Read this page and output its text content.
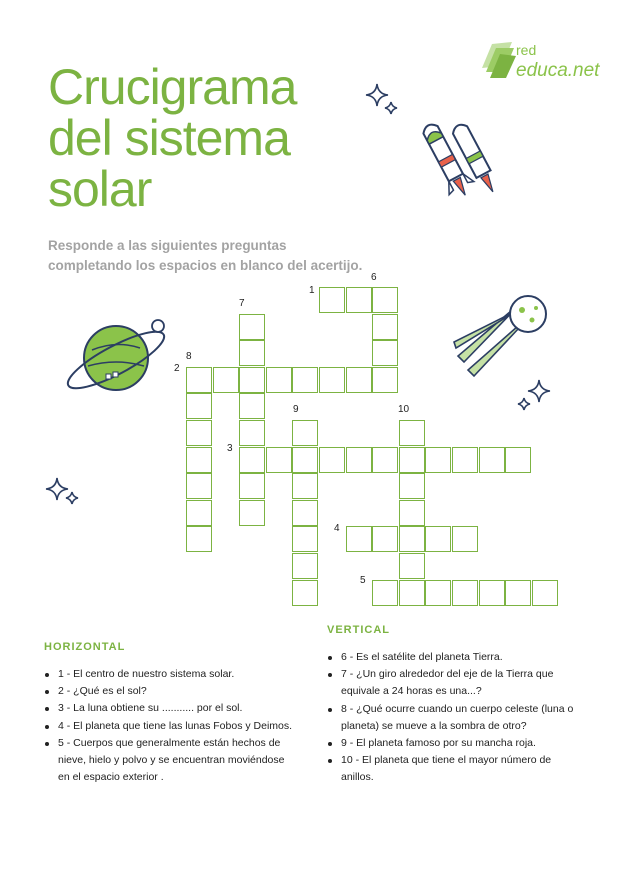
Crucigrama
del sistema
solar
Responde a las siguientes preguntas
completando los espacios en blanco del acertijo.
red
educa.net
1
6
7
8
2
9	10
3
4
5
HORIZONTAL
1 - El centro de nuestro sistema solar.
2 - ¿Qué es el sol?
3 - La luna obtiene su ........... por el sol.
4 - El planeta que tiene las lunas Fobos y Deimos.
5 - Cuerpos que generalmente están hechos de
nieve, hielo y polvo y se encuentran moviéndose
en el espacio exterior .
VERTICAL
6 - Es el satélite del planeta Tierra.
7 - ¿Un giro alrededor del eje de la Tierra que
equivale a 24 horas es una...?
8 - ¿Qué ocurre cuando un cuerpo celeste (luna o
planeta) se mueve a la sombra de otro?
9 - El planeta famoso por su mancha roja.
10 - El planeta que tiene el mayor número de
anillos.
